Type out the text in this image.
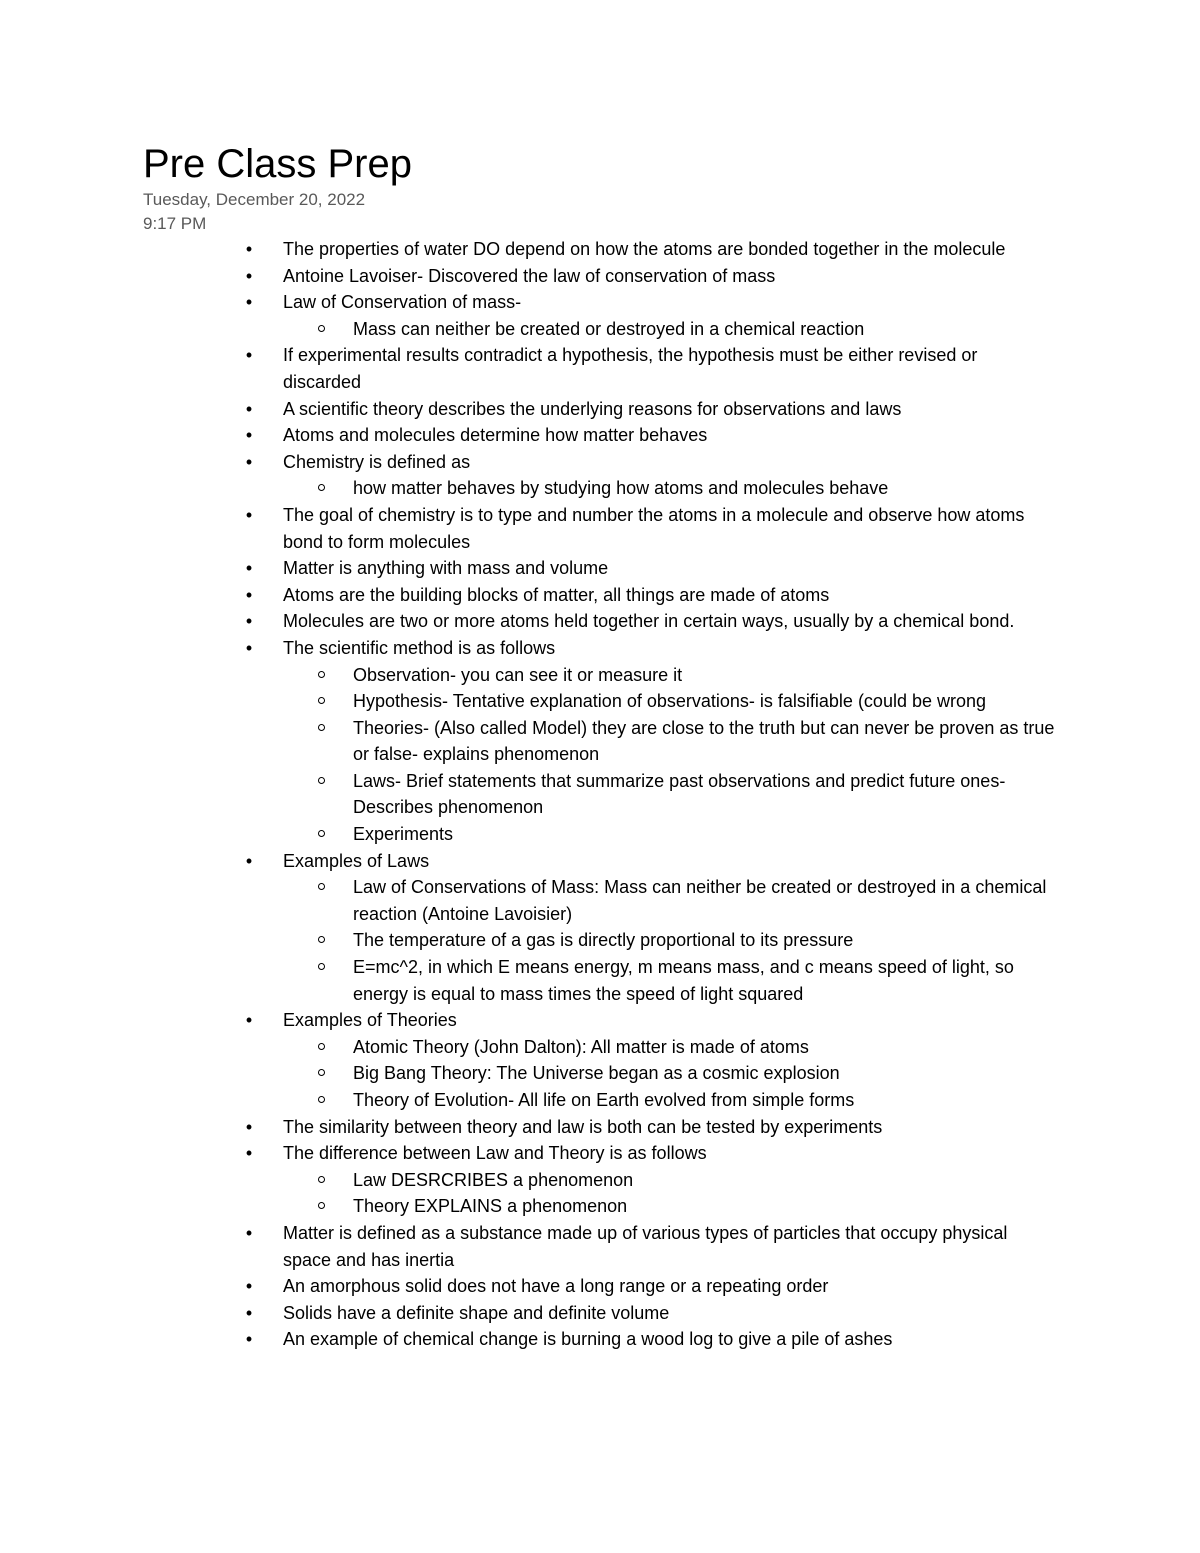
Pre Class Prep
Tuesday, December 20, 2022
9:17 PM
• The properties of water DO depend on how the atoms are bonded together in the molecule
• Antoine Lavoiser- Discovered the law of conservation of mass
• Law of Conservation of mass-
Mass can neither be created or destroyed in a chemical reaction
• If experimental results contradict a hypothesis, the hypothesis must be either revised or discarded
• A scientific theory describes the underlying reasons for observations and laws
• Atoms and molecules determine how matter behaves
• Chemistry is defined as
how matter behaves by studying how atoms and molecules behave
• The goal of chemistry is to type and number the atoms in a molecule and observe how atoms bond to form molecules
• Matter is anything with mass and volume
• Atoms are the building blocks of matter, all things are made of atoms
• Molecules are two or more atoms held together in certain ways, usually by a chemical bond.
• The scientific method is as follows
Observation- you can see it or measure it
Hypothesis- Tentative explanation of observations- is falsifiable (could be wrong
Theories- (Also called Model) they are close to the truth but can never be proven as true or false- explains phenomenon
Laws- Brief statements that summarize past observations and predict future ones- Describes phenomenon
Experiments
• Examples of Laws
Law of Conservations of Mass: Mass can neither be created or destroyed in a chemical reaction (Antoine Lavoisier)
The temperature of a gas is directly proportional to its pressure
E=mc^2, in which E means energy, m means mass, and c means speed of light, so energy is equal to mass times the speed of light squared
• Examples of Theories
Atomic Theory (John Dalton): All matter is made of atoms
Big Bang Theory: The Universe began as a cosmic explosion
Theory of Evolution- All life on Earth evolved from simple forms
• The similarity between theory and law is both can be tested by experiments
• The difference between Law and Theory is as follows
Law DESRCRIBES a phenomenon
Theory EXPLAINS a phenomenon
• Matter is defined as a substance made up of various types of particles that occupy physical space and has inertia
• An amorphous solid does not have a long range or a repeating order
• Solids have a definite shape and definite volume
• An example of chemical change is burning a wood log to give a pile of ashes
